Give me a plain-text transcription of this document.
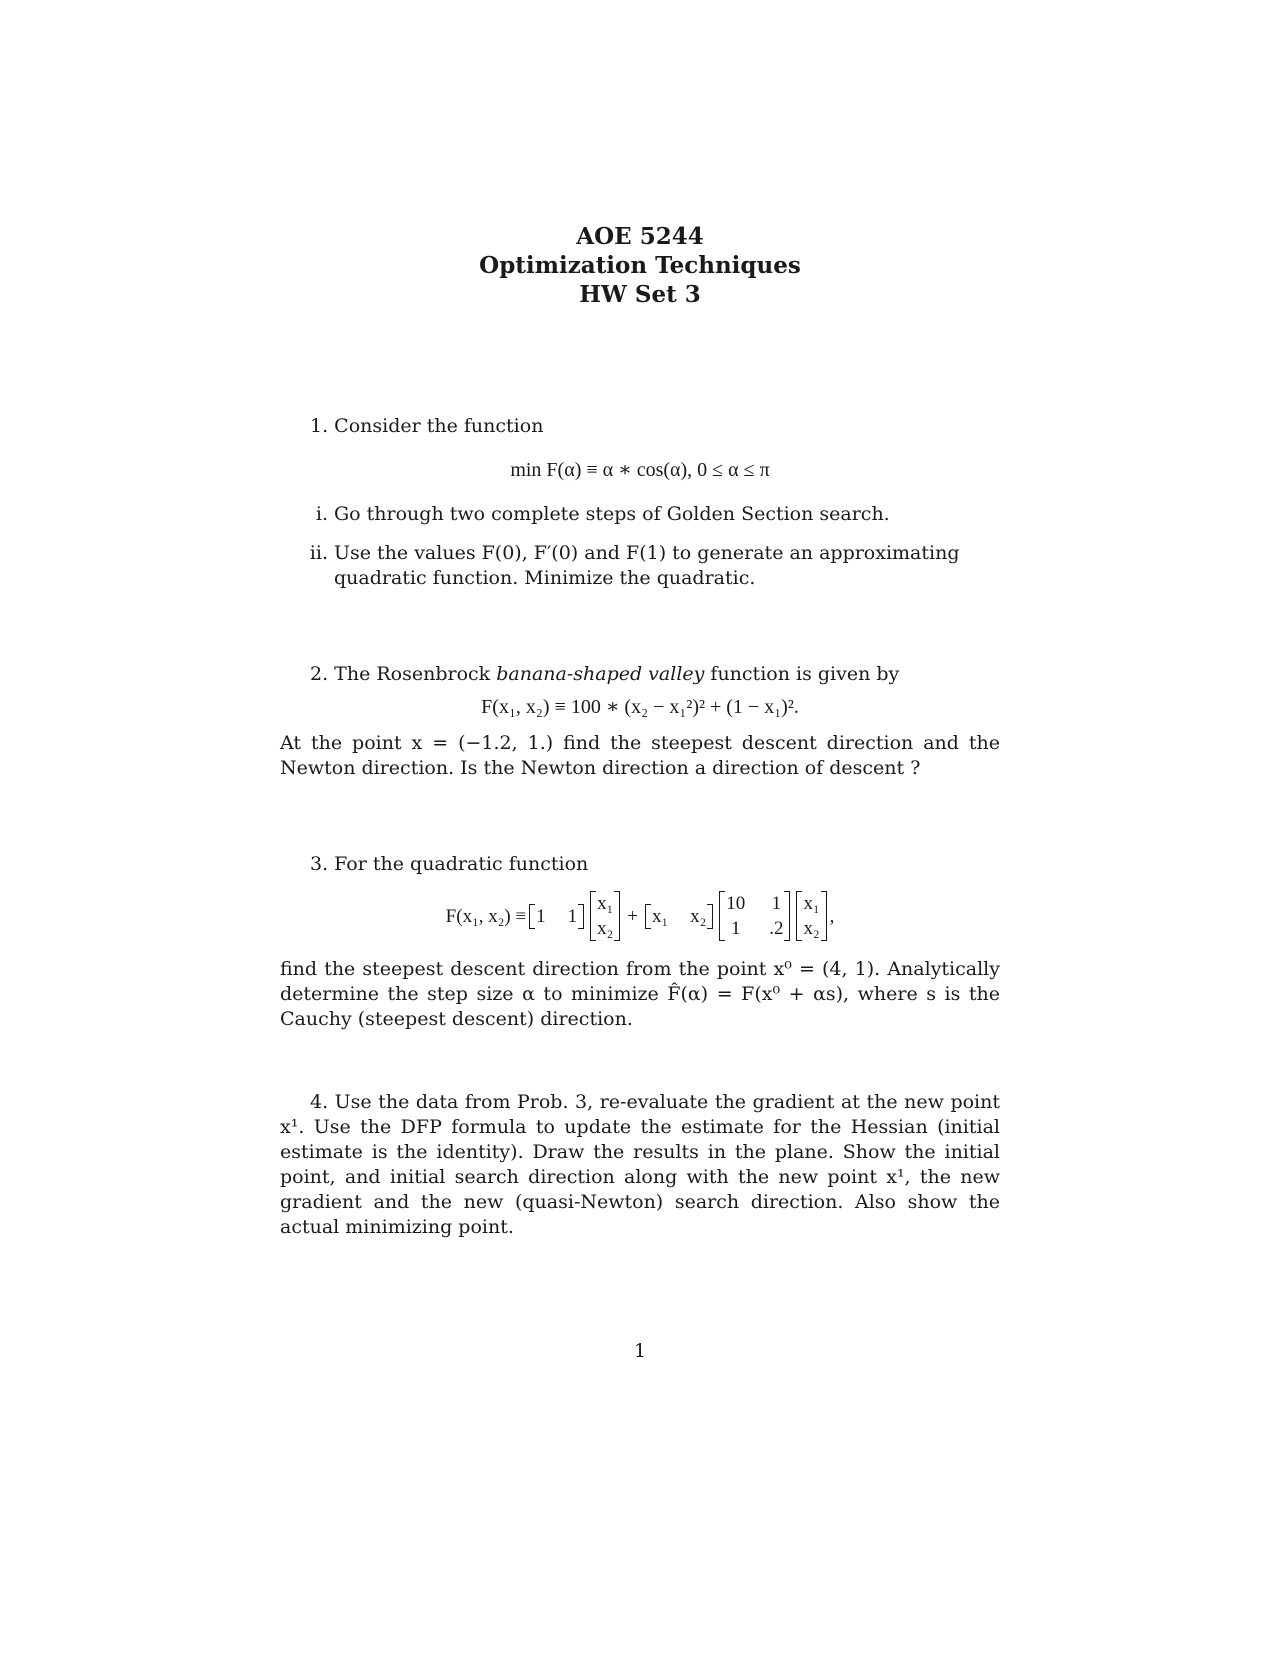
AOE 5244
Optimization Techniques
HW Set 3
1. Consider the function
min F(α) ≡ α ∗ cos(α), 0 ≤ α ≤ π
i. Go through two complete steps of Golden Section search.
ii. Use the values F(0), F′(0) and F(1) to generate an approximating quadratic function. Minimize the quadratic.
2. The Rosenbrock banana-shaped valley function is given by
F(x₁, x₂) ≡ 100 ∗ (x₂ − x₁²)² + (1 − x₁)².
At the point x = (−1.2, 1.) find the steepest descent direction and the Newton direction. Is the Newton direction a direction of descent ?
3. For the quadratic function
F(x₁, x₂) ≡ 1 1
x₁
x₂
+ x₁ x₂
10 1
1 .2
x₁
x₂
,
find the steepest descent direction from the point x⁰ = (4, 1). Analytically determine the step size α to minimize F̂(α) = F(x⁰ + αs), where s is the Cauchy (steepest descent) direction.
4. Use the data from Prob. 3, re-evaluate the gradient at the new point x¹. Use the DFP formula to update the estimate for the Hessian (initial estimate is the identity). Draw the results in the plane. Show the initial point, and initial search direction along with the new point x¹, the new gradient and the new (quasi-Newton) search direction. Also show the actual minimizing point.
1
